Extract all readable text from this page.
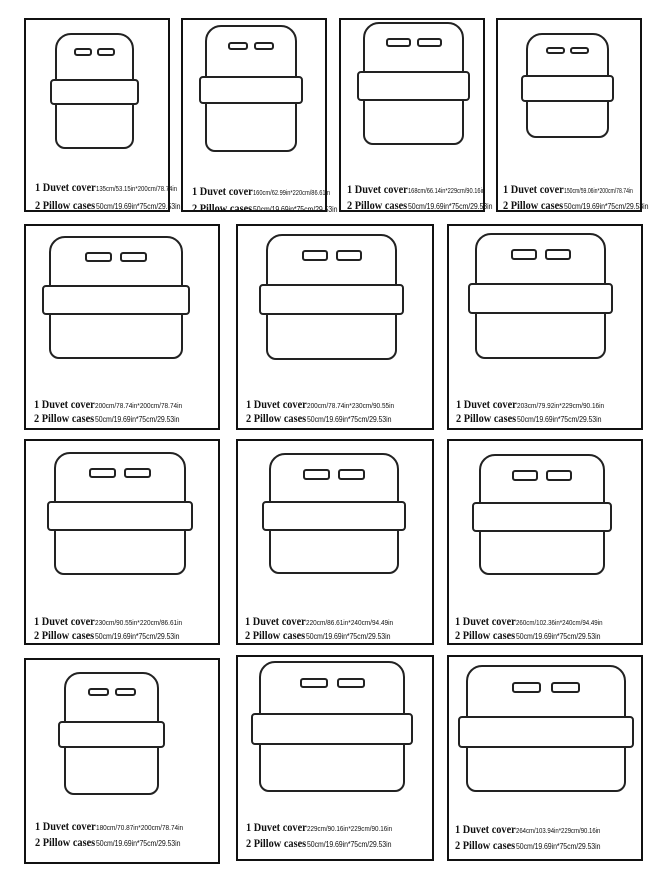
1 Duvet cover135cm/53.15in*200cm/78.74in
2 Pillow cases50cm/19.69in*75cm/29.53in
1 Duvet cover160cm/62.99in*220cm/86.61in
2 Pillow cases50cm/19.69in*75cm/29.53in
1 Duvet cover168cm/66.14in*229cm/90.16in
2 Pillow cases50cm/19.69in*75cm/29.53in
1 Duvet cover150cm/59.06in*200cm/78.74in
2 Pillow cases50cm/19.69in*75cm/29.53in
1 Duvet cover200cm/78.74in*200cm/78.74in
2 Pillow cases50cm/19.69in*75cm/29.53in
1 Duvet cover200cm/78.74in*230cm/90.55in
2 Pillow cases50cm/19.69in*75cm/29.53in
1 Duvet cover203cm/79.92in*229cm/90.16in
2 Pillow cases50cm/19.69in*75cm/29.53in
1 Duvet cover230cm/90.55in*220cm/86.61in
2 Pillow cases50cm/19.69in*75cm/29.53in
1 Duvet cover220cm/86.61in*240cm/94.49in
2 Pillow cases50cm/19.69in*75cm/29.53in
1 Duvet cover260cm/102.36in*240cm/94.49in
2 Pillow cases50cm/19.69in*75cm/29.53in
1 Duvet cover180cm/70.87in*200cm/78.74in
2 Pillow cases50cm/19.69in*75cm/29.53in
1 Duvet cover229cm/90.16in*229cm/90.16in
2 Pillow cases50cm/19.69in*75cm/29.53in
1 Duvet cover264cm/103.94in*229cm/90.16in
2 Pillow cases50cm/19.69in*75cm/29.53in
